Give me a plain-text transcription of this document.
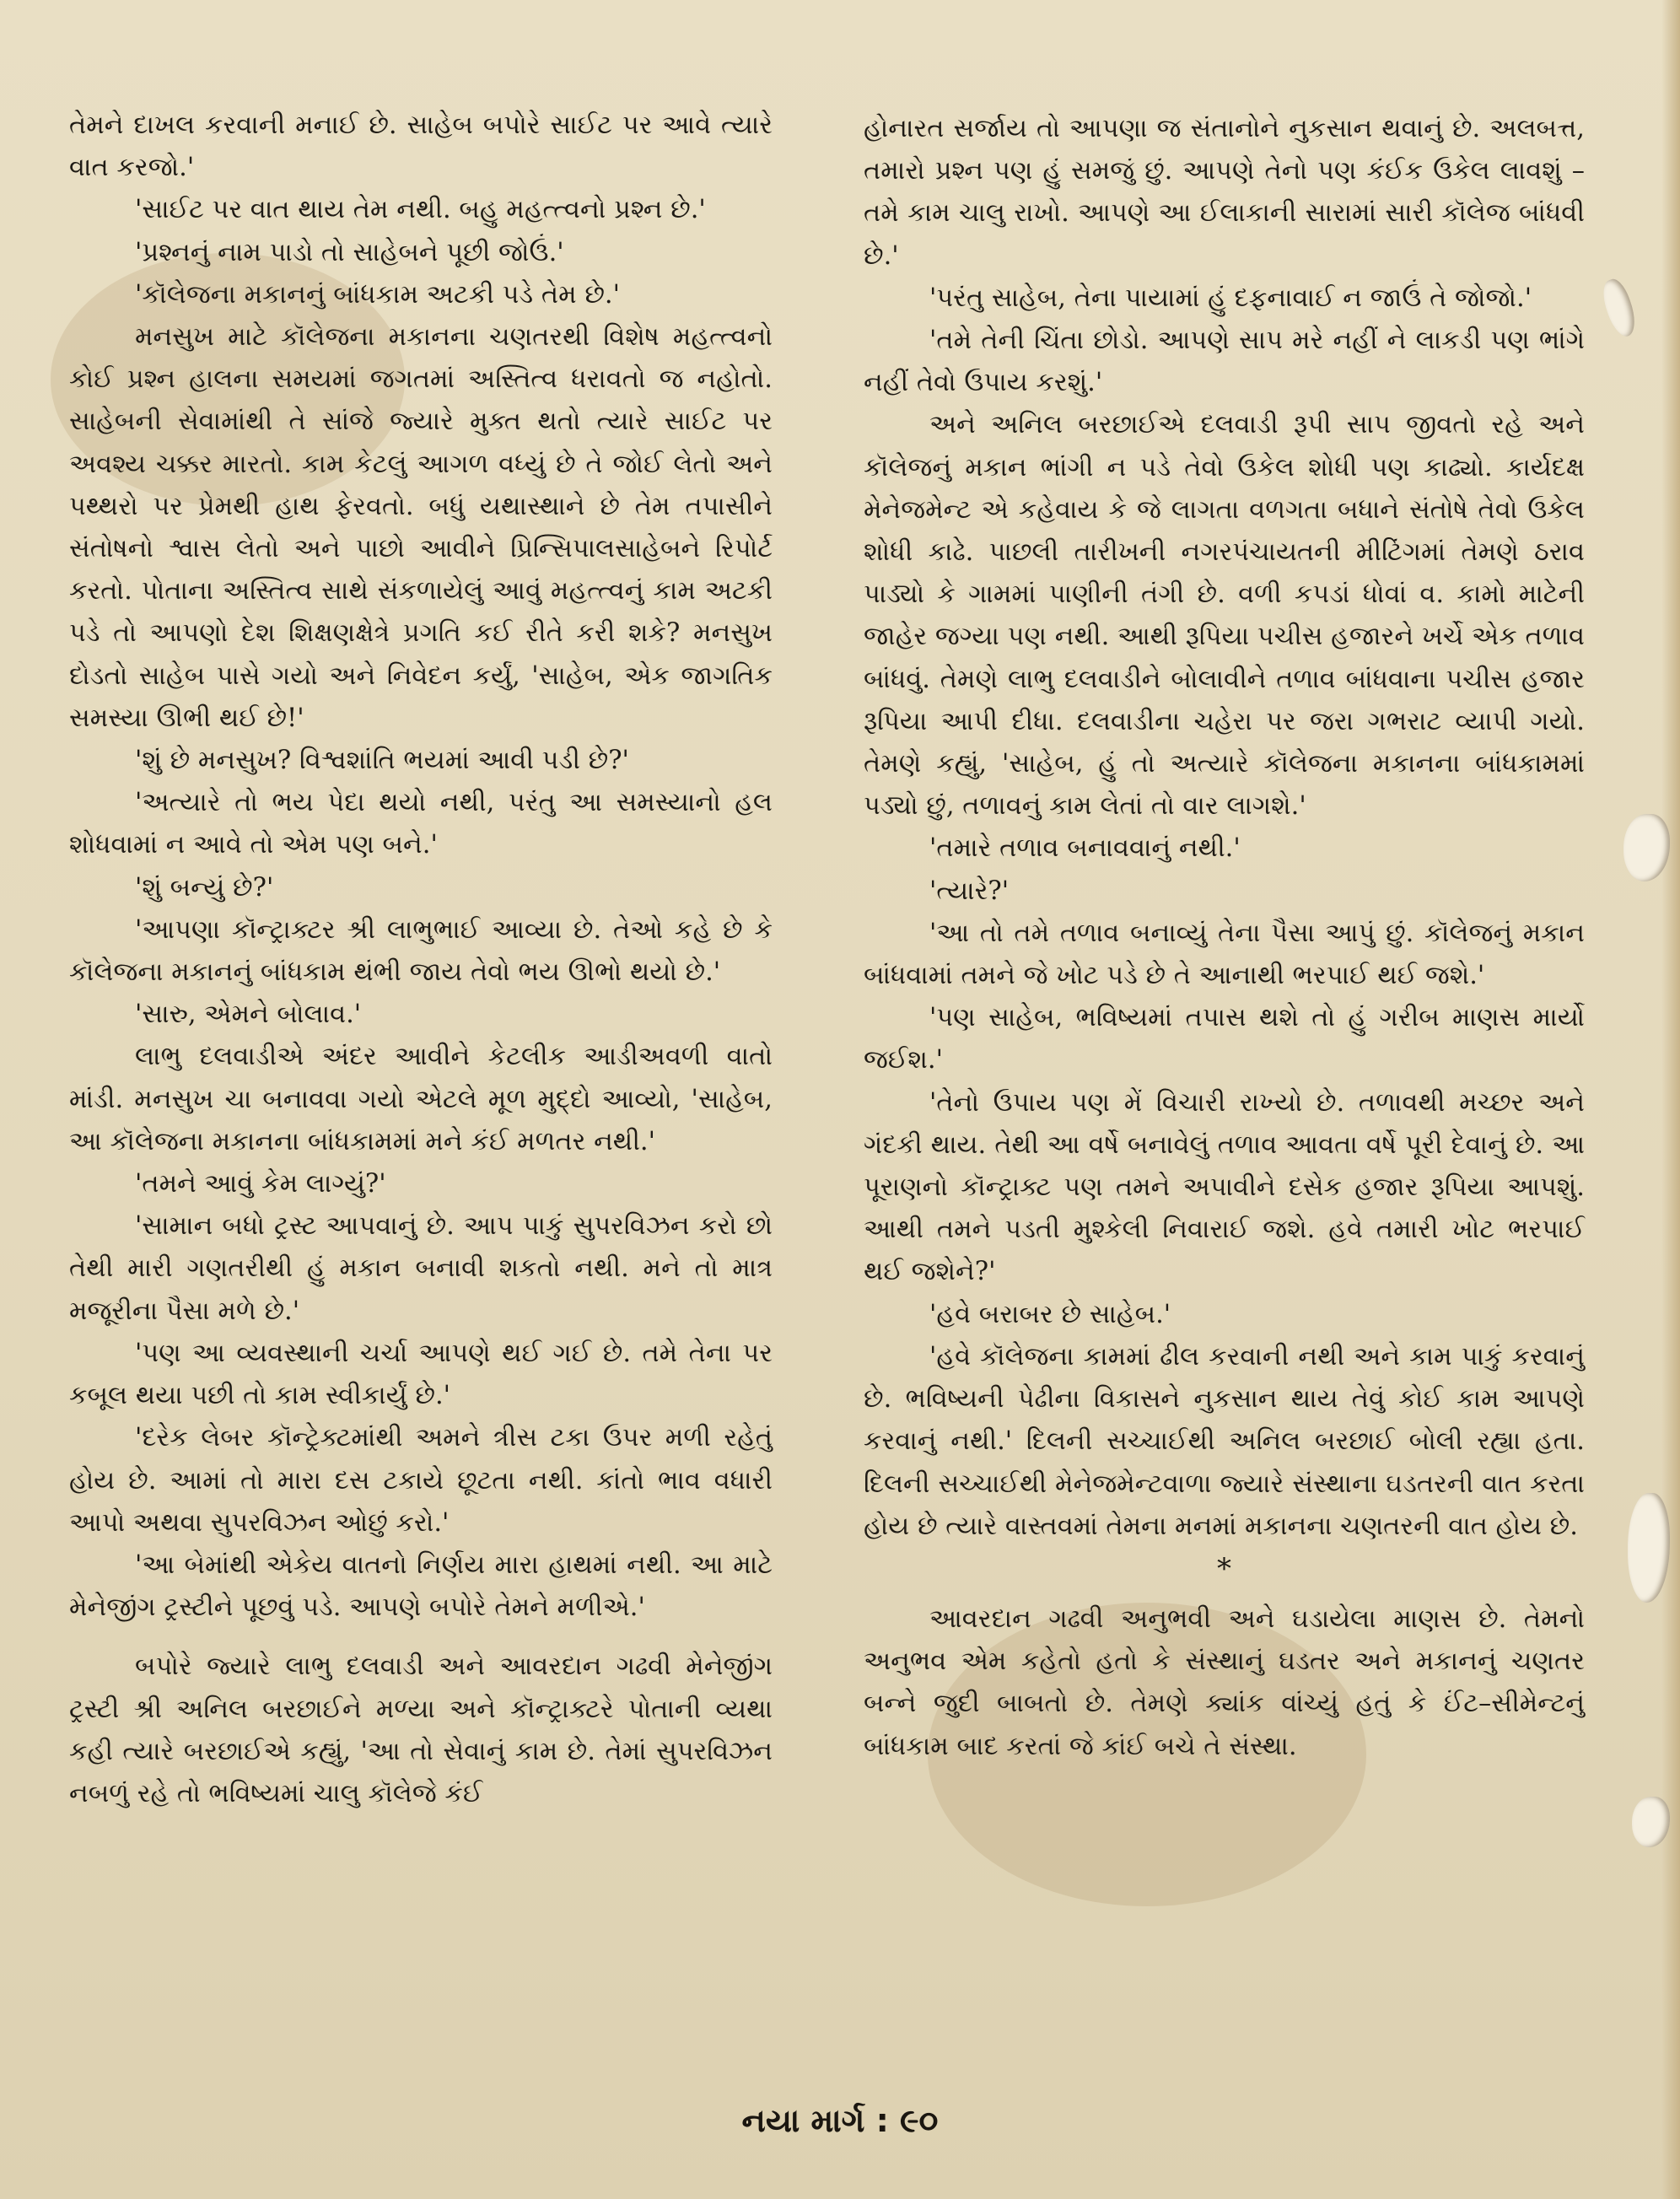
તેમને દાખલ કરવાની મનાઈ છે. સાહેબ બપોરે સાઈટ પર આવે ત્યારે વાત કરજો.'

'સાઈટ પર વાત થાય તેમ નથી. બહુ મહત્ત્વનો પ્રશ્ન છે.'

'પ્રશ્નનું નામ પાડો તો સાહેબને પૂછી જોઉં.'

'કૉલેજના મકાનનું બાંધકામ અટકી પડે તેમ છે.'

મનસુખ માટે કૉલેજના મકાનના ચણતરથી વિશેષ મહત્ત્વનો કોઈ પ્રશ્ન હાલના સમયમાં જગતમાં અસ્તિત્વ ધરાવતો જ નહોતો. સાહેબની સેવામાંથી તે સાંજે જ્યારે મુક્ત થતો ત્યારે સાઈટ પર અવશ્ય ચક્કર મારતો. કામ કેટલું આગળ વધ્યું છે તે જોઈ લેતો અને પથ્થરો પર પ્રેમથી હાથ ફેરવતો. બધું યથાસ્થાને છે તેમ તપાસીને સંતોષનો શ્વાસ લેતો અને પાછો આવીને પ્રિન્સિપાલસાહેબને રિપોર્ટ કરતો. પોતાના અસ્તિત્વ સાથે સંકળાયેલું આવું મહત્ત્વનું કામ અટકી પડે તો આપણો દેશ શિક્ષણક્ષેત્રે પ્રગતિ કઈ રીતે કરી શકે? મનસુખ દોડતો સાહેબ પાસે ગયો અને નિવેદન કર્યું, 'સાહેબ, એક જાગતિક સમસ્યા ઊભી થઈ છે!'

'શું છે મનસુખ? વિશ્વશાંતિ ભયમાં આવી પડી છે?'

'અત્યારે તો ભય પેદા થયો નથી, પરંતુ આ સમસ્યાનો હલ શોધવામાં ન આવે તો એમ પણ બને.'

'શું બન્યું છે?'

'આપણા કૉન્ટ્રાક્ટર શ્રી લાભુભાઈ આવ્યા છે. તેઓ કહે છે કે કૉલેજના મકાનનું બાંધકામ થંભી જાય તેવો ભય ઊભો થયો છે.'

'સારુ, એમને બોલાવ.'

લાભુ દલવાડીએ અંદર આવીને કેટલીક આડીઅવળી વાતો માંડી. મનસુખ ચા બનાવવા ગયો એટલે મૂળ મુદ્દો આવ્યો, 'સાહેબ, આ કૉલેજના મકાનના બાંધકામમાં મને કંઈ મળતર નથી.'

'તમને આવું કેમ લાગ્યું?'

'સામાન બધો ટ્રસ્ટ આપવાનું છે. આપ પાકું સુપરવિઝન કરો છો તેથી મારી ગણતરીથી હું મકાન બનાવી શકતો નથી. મને તો માત્ર મજૂરીના પૈસા મળે છે.'

'પણ આ વ્યવસ્થાની ચર્ચા આપણે થઈ ગઈ છે. તમે તેના પર કબૂલ થયા પછી તો કામ સ્વીકાર્યું છે.'

'દરેક લેબર કૉન્ટ્રેક્ટમાંથી અમને ત્રીસ ટકા ઉપર મળી રહેતું હોય છે. આમાં તો મારા દસ ટકાયે છૂટતા નથી. કાંતો ભાવ વધારી આપો અથવા સુપરવિઝન ઓછું કરો.'

'આ બેમાંથી એકેય વાતનો નિર્ણય મારા હાથમાં નથી. આ માટે મેનેજીંગ ટ્રસ્ટીને પૂછવું પડે. આપણે બપોરે તેમને મળીએ.'

બપોરે જ્યારે લાભુ દલવાડી અને આવરદાન ગઢવી મેનેજીંગ ટ્રસ્ટી શ્રી અનિલ બરછાઈને મળ્યા અને કૉન્ટ્રાક્ટરે પોતાની વ્યથા કહી ત્યારે બરછાઈએ કહ્યું, 'આ તો સેવાનું કામ છે. તેમાં સુપરવિઝન નબળું રહે તો ભવિષ્યમાં ચાલુ કૉલેજે કંઈ

હોનારત સર્જાય તો આપણા જ સંતાનોને નુકસાન થવાનું છે. અલબત્ત, તમારો પ્રશ્ન પણ હું સમજું છું. આપણે તેનો પણ કંઈક ઉકેલ લાવશું – તમે કામ ચાલુ રાખો. આપણે આ ઈલાકાની સારામાં સારી કૉલેજ બાંધવી છે.'

'પરંતુ સાહેબ, તેના પાયામાં હું દફનાવાઈ ન જાઉં તે જોજો.'

'તમે તેની ચિંતા છોડો. આપણે સાપ મરે નહીં ને લાકડી પણ ભાંગે નહીં તેવો ઉપાય કરશું.'

અને અનિલ બરછાઈએ દલવાડી રૂપી સાપ જીવતો રહે અને કૉલેજનું મકાન ભાંગી ન પડે તેવો ઉકેલ શોધી પણ કાઢ્યો. કાર્યદક્ષ મેનેજમેન્ટ એ કહેવાય કે જે લાગતા વળગતા બધાને સંતોષે તેવો ઉકેલ શોધી કાઢે. પાછલી તારીખની નગરપંચાયતની મીટિંગમાં તેમણે ઠરાવ પાડ્યો કે ગામમાં પાણીની તંગી છે. વળી કપડાં ધોવાં વ. કામો માટેની જાહેર જગ્યા પણ નથી. આથી રૂપિયા પચીસ હજારને ખર્ચે એક તળાવ બાંધવું. તેમણે લાભુ દલવાડીને બોલાવીને તળાવ બાંધવાના પચીસ હજાર રૂપિયા આપી દીધા. દલવાડીના ચહેરા પર જરા ગભરાટ વ્યાપી ગયો. તેમણે કહ્યું, 'સાહેબ, હું તો અત્યારે કૉલેજના મકાનના બાંધકામમાં પડ્યો છું, તળાવનું કામ લેતાં તો વાર લાગશે.'

'તમારે તળાવ બનાવવાનું નથી.'

'ત્યારે?'

'આ તો તમે તળાવ બનાવ્યું તેના પૈસા આપું છું. કૉલેજનું મકાન બાંધવામાં તમને જે ખોટ પડે છે તે આનાથી ભરપાઈ થઈ જશે.'

'પણ સાહેબ, ભવિષ્યમાં તપાસ થશે તો હું ગરીબ માણસ માર્યો જઈશ.'

'તેનો ઉપાય પણ મેં વિચારી રાખ્યો છે. તળાવથી મચ્છર અને ગંદકી થાય. તેથી આ વર્ષે બનાવેલું તળાવ આવતા વર્ષે પૂરી દેવાનું છે. આ પૂરાણનો કૉન્ટ્રાક્ટ પણ તમને અપાવીને દસેક હજાર રૂપિયા આપશું. આથી તમને પડતી મુશ્કેલી નિવારાઈ જશે. હવે તમારી ખોટ ભરપાઈ થઈ જશેને?'

'હવે બરાબર છે સાહેબ.'

'હવે કૉલેજના કામમાં ઢીલ કરવાની નથી અને કામ પાકું કરવાનું છે. ભવિષ્યની પેઢીના વિકાસને નુકસાન થાય તેવું કોઈ કામ આપણે કરવાનું નથી.' દિલની સચ્ચાઈથી અનિલ બરછાઈ બોલી રહ્યા હતા. દિલની સચ્ચાઈથી મેનેજમેન્ટવાળા જ્યારે સંસ્થાના ઘડતરની વાત કરતા હોય છે ત્યારે વાસ્તવમાં તેમના મનમાં મકાનના ચણતરની વાત હોય છે.

*

આવરદાન ગઢવી અનુભવી અને ઘડાયેલા માણસ છે. તેમનો અનુભવ એમ કહેતો હતો કે સંસ્થાનું ઘડતર અને મકાનનું ચણતર બન્ને જુદી બાબતો છે. તેમણે ક્યાંક વાંચ્યું હતું કે ઈંટ–સીમેન્ટનું બાંધકામ બાદ કરતાં જે કાંઈ બચે તે સંસ્થા.

નયા માર્ગ : ૯૦
